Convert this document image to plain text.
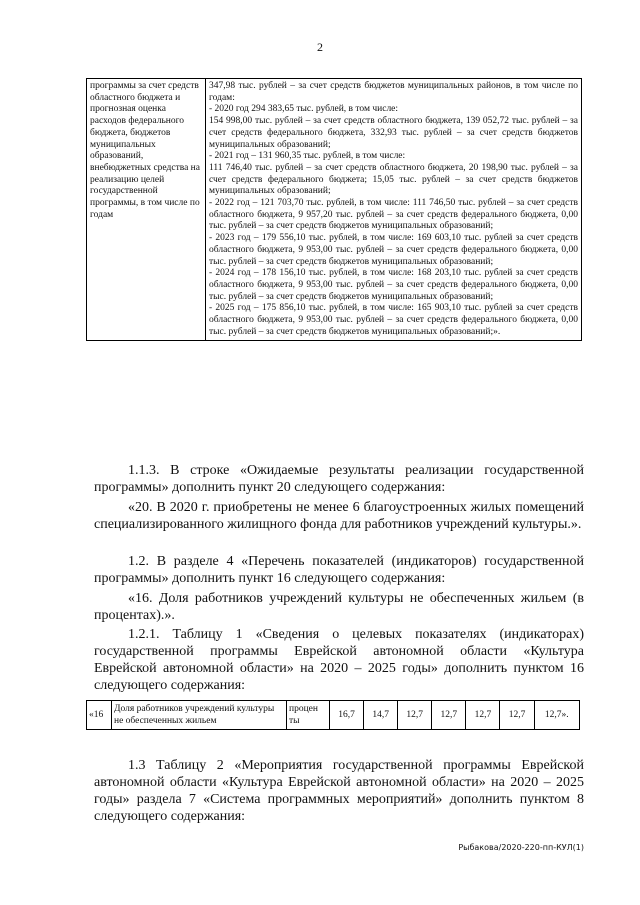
2
программы за счет средств областного бюджета и прогнозная оценка расходов федерального бюджета, бюджетов муниципальных образований, внебюджетных средства на реализацию целей государственной программы, в том числе по годам	
347,98 тыс. рублей – за счет средств бюджетов муниципальных районов, в том числе по годам:
- 2020 год 294 383,65 тыс. рублей, в том числе:
154 998,00 тыс. рублей – за счет средств областного бюджета, 139 052,72 тыс. рублей – за счет средств федерального бюджета, 332,93 тыс. рублей – за счет средств бюджетов муниципальных образований;
- 2021 год – 131 960,35 тыс. рублей, в том числе:
111 746,40 тыс. рублей – за счет средств областного бюджета, 20 198,90 тыс. рублей – за счет средств федерального бюджета; 15,05 тыс. рублей – за счет средств бюджетов муниципальных образований;
- 2022 год – 121 703,70 тыс. рублей, в том числе: 111 746,50 тыс. рублей – за счет средств областного бюджета, 9 957,20 тыс. рублей – за счет средств федерального бюджета, 0,00 тыс. рублей – за счет средств бюджетов муниципальных образований;
- 2023 год – 179 556,10 тыс. рублей, в том числе: 169 603,10 тыс. рублей за счет средств областного бюджета, 9 953,00 тыс. рублей – за счет средств федерального бюджета, 0,00 тыс. рублей – за счет средств бюджетов муниципальных образований;
- 2024 год – 178 156,10 тыс. рублей, в том числе: 168 203,10 тыс. рублей за счет средств областного бюджета, 9 953,00 тыс. рублей – за счет средств федерального бюджета, 0,00 тыс. рублей – за счет средств бюджетов муниципальных образований;
- 2025 год – 175 856,10 тыс. рублей, в том числе: 165 903,10 тыс. рублей за счет средств областного бюджета, 9 953,00 тыс. рублей – за счет средств федерального бюджета, 0,00 тыс. рублей – за счет средств бюджетов муниципальных образований;».
1.1.3. В строке «Ожидаемые результаты реализации государственной программы» дополнить пункт 20 следующего содержания:
«20. В 2020 г. приобретены не менее 6 благоустроенных жилых помещений специализированного жилищного фонда для работников учреждений культуры.».
1.2. В разделе 4 «Перечень показателей (индикаторов) государственной программы» дополнить пункт 16 следующего содержания:
«16. Доля работников учреждений культуры не обеспеченных жильем (в процентах).».
1.2.1. Таблицу 1 «Сведения о целевых показателях (индикаторах) государственной программы Еврейской автономной области «Культура Еврейской автономной области» на 2020 – 2025 годы» дополнить пунктом 16 следующего содержания:
«16	Доля работников учреждений культуры не обеспеченных жильем	процен ты	16,7	14,7	12,7	12,7	12,7	12,7	12,7».
1.3 Таблицу 2 «Мероприятия государственной программы Еврейской автономной области «Культура Еврейской автономной области» на 2020 – 2025 годы» раздела 7 «Система программных мероприятий» дополнить пунктом 8 следующего содержания:
Рыбакова/2020-220-пп-КУЛ(1)
